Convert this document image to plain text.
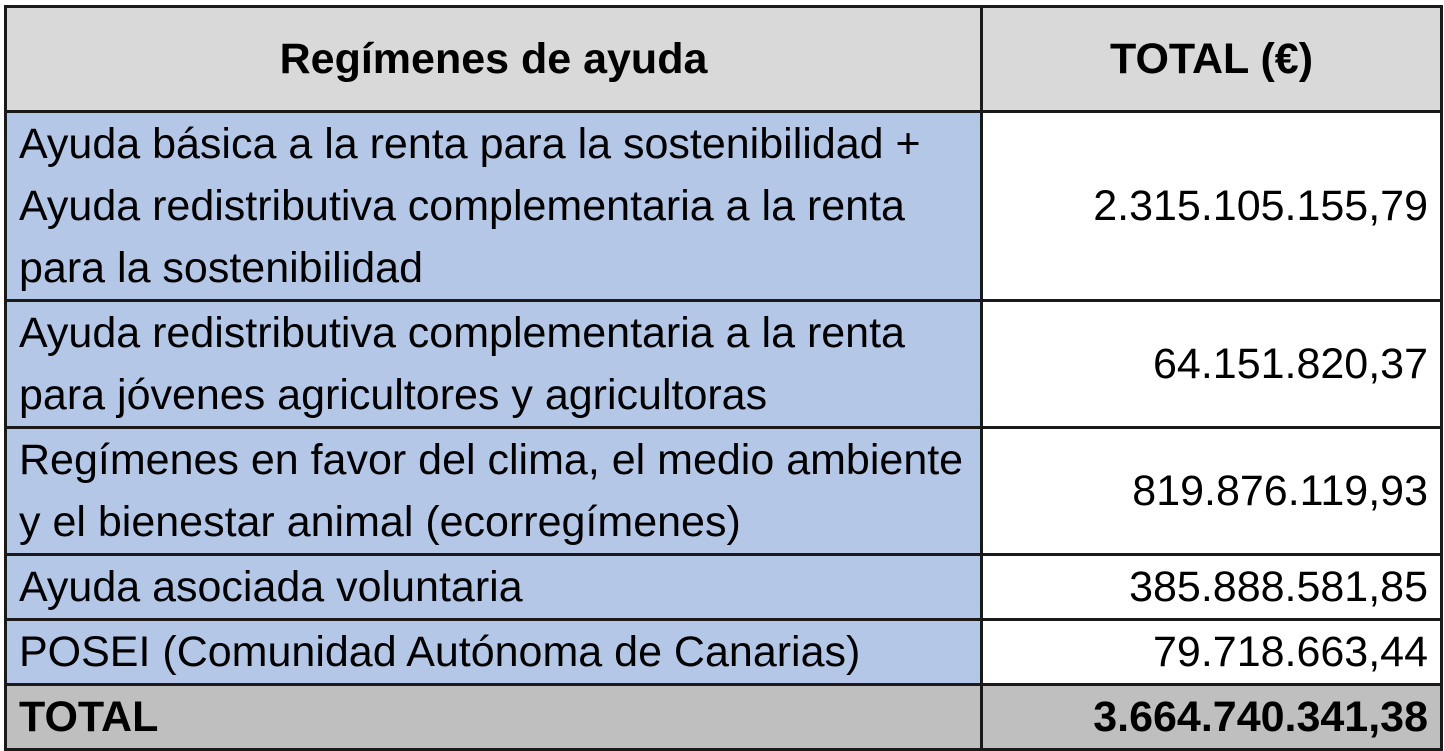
Regímenes de ayuda	TOTAL (€)
Ayuda básica a la renta para la sostenibilidad + Ayuda redistributiva complementaria a la renta para la sostenibilidad	2.315.105.155,79
Ayuda redistributiva complementaria a la renta para jóvenes agricultores y agricultoras	64.151.820,37
Regímenes en favor del clima, el medio ambiente y el bienestar animal (ecorregímenes)	819.876.119,93
Ayuda asociada voluntaria	385.888.581,85
POSEI (Comunidad Autónoma de Canarias)	79.718.663,44
TOTAL	3.664.740.341,38
